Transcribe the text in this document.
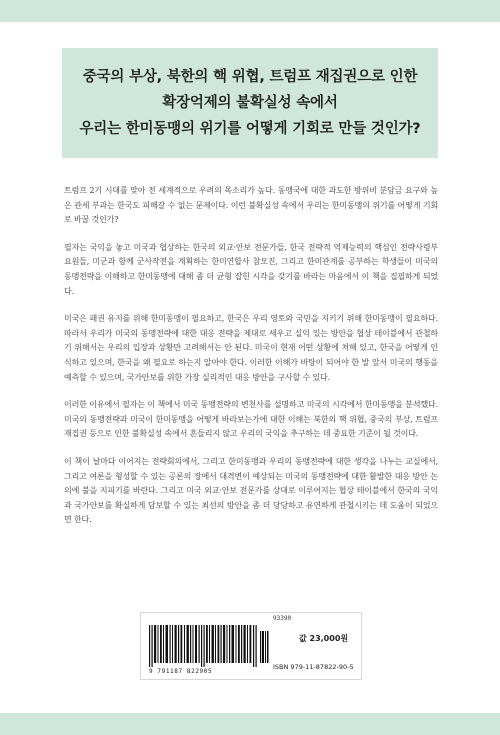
중국의 부상, 북한의 핵 위협, 트럼프 재집권으로 인한
확장억제의 불확실성 속에서
우리는 한미동맹의 위기를 어떻게 기회로 만들 것인가?

트럼프 2기 시대를 맞아 전 세계적으로 우려의 목소리가 높다. 동맹국에 대한 과도한 방위비 분담금 요구와 높은 관세 부과는 한국도 피해갈 수 없는 문제이다. 이런 불확실성 속에서 우리는 한미동맹의 위기를 어떻게 기회로 바꿀 것인가?

필자는 국익을 놓고 미국과 협상하는 한국의 외교·안보 전문가들, 한국 전략적 억제능력의 핵심인 전략사령부 요원들, 미군과 함께 군사작전을 계획하는 한미연합사 참모진, 그리고 한미관계를 공부하는 학생들이 미국의 동맹전략을 이해하고 한미동맹에 대해 좀 더 균형 잡힌 시각을 갖기를 바라는 마음에서 이 책을 집필하게 되었다.

미국은 패권 유지를 위해 한미동맹이 필요하고, 한국은 우리 영토와 국민을 지키기 위해 한미동맹이 필요하다. 따라서 우리가 미국의 동맹전략에 대한 대응 전략을 제대로 세우고 실익 있는 방안을 협상 테이블에서 관철하기 위해서는 우리의 입장과 상황만 고려해서는 안 된다. 미국이 현재 어떤 상황에 처해 있고, 한국을 어떻게 인식하고 있으며, 한국을 왜 필요로 하는지 알아야 한다. 이러한 이해가 바탕이 되어야 한 발 앞서 미국의 행동을 예측할 수 있으며, 국가안보를 위한 가장 실리적인 대응 방안을 구사할 수 있다.

이러한 이유에서 필자는 이 책에서 미국 동맹전략의 변천사를 설명하고 미국의 시각에서 한미동맹을 분석했다. 미국의 동맹전략과 미국이 한미동맹을 어떻게 바라보는가에 대한 이해는 북한의 핵 위협, 중국의 부상, 트럼프 재집권 등으로 인한 불확실성 속에서 흔들리지 않고 우리의 국익을 추구하는 데 중요한 기준이 될 것이다.

이 책이 날마다 이어지는 전략회의에서, 그리고 한미동맹과 우리의 동맹전략에 대한 생각을 나누는 교실에서, 그리고 여론을 형성할 수 있는 공론의 장에서 대격변이 예상되는 미국의 동맹전략에 대한 활발한 대응 방안 논의에 불을 지피기를 바란다. 그리고 미국 외교·안보 전문가를 상대로 이루어지는 협상 테이블에서 한국의 국익과 국가안보를 확실하게 담보할 수 있는 최선의 방안을 좀 더 당당하고 유연하게 관철시키는 데 도움이 되었으면 한다.

93390
9 791187 822905
값 23,000원
ISBN 979-11-87822-90-5
